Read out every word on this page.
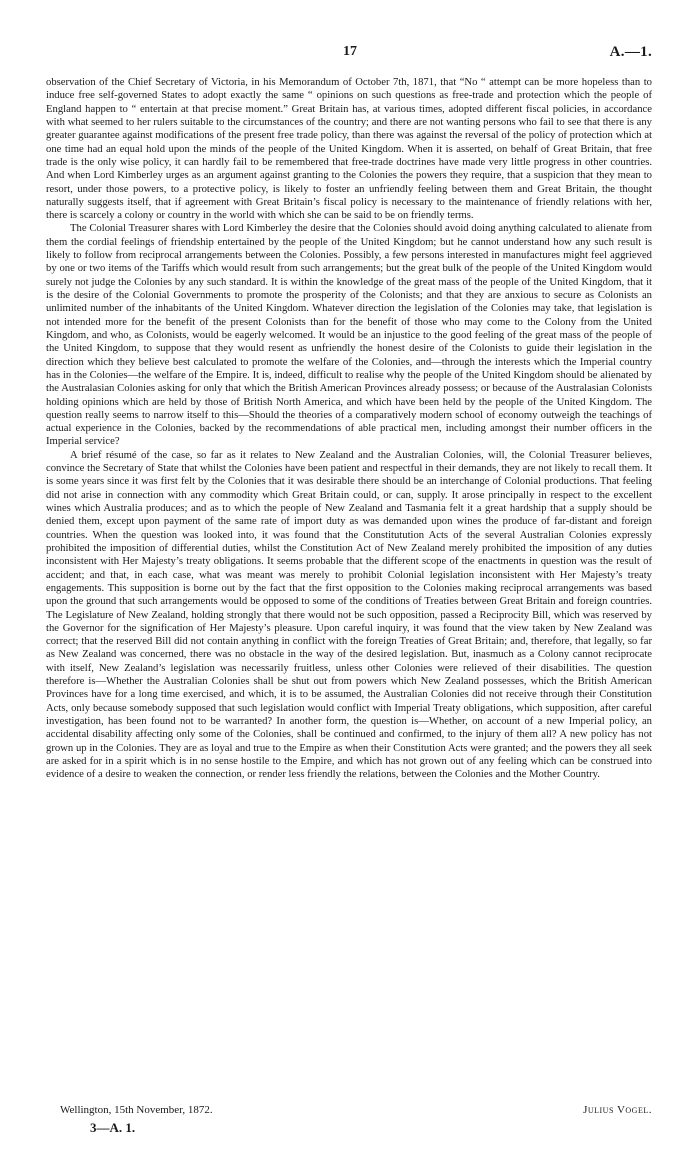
17	A.—1.

observation of the Chief Secretary of Victoria, in his Memorandum of October 7th, 1871, that “No “ attempt can be more hopeless than to induce free self-governed States to adopt exactly the same “ opinions on such questions as free-trade and protection which the people of England happen to “ entertain at that precise moment.” Great Britain has, at various times, adopted different fiscal policies, in accordance with what seemed to her rulers suitable to the circumstances of the country; and there are not wanting persons who fail to see that there is any greater guarantee against modifications of the present free trade policy, than there was against the reversal of the policy of protection which at one time had an equal hold upon the minds of the people of the United Kingdom. When it is asserted, on behalf of Great Britain, that free trade is the only wise policy, it can hardly fail to be remembered that free-trade doctrines have made very little progress in other countries. And when Lord Kimberley urges as an argument against granting to the Colonies the powers they require, that a suspicion that they mean to resort, under those powers, to a protective policy, is likely to foster an unfriendly feeling between them and Great Britain, the thought naturally suggests itself, that if agreement with Great Britain’s fiscal policy is necessary to the maintenance of friendly relations with her, there is scarcely a colony or country in the world with which she can be said to be on friendly terms.

The Colonial Treasurer shares with Lord Kimberley the desire that the Colonies should avoid doing anything calculated to alienate from them the cordial feelings of friendship entertained by the people of the United Kingdom; but he cannot understand how any such result is likely to follow from reciprocal arrangements between the Colonies. Possibly, a few persons interested in manufactures might feel aggrieved by one or two items of the Tariffs which would result from such arrangements; but the great bulk of the people of the United Kingdom would surely not judge the Colonies by any such standard. It is within the knowledge of the great mass of the people of the United Kingdom, that it is the desire of the Colonial Governments to promote the prosperity of the Colonists; and that they are anxious to secure as Colonists an unlimited number of the inhabitants of the United Kingdom. Whatever direction the legislation of the Colonies may take, that legislation is not intended more for the benefit of the present Colonists than for the benefit of those who may come to the Colony from the United Kingdom, and who, as Colonists, would be eagerly welcomed. It would be an injustice to the good feeling of the great mass of the people of the United Kingdom, to suppose that they would resent as unfriendly the honest desire of the Colonists to guide their legislation in the direction which they believe best calculated to promote the welfare of the Colonies, and—through the interests which the Imperial country has in the Colonies—the welfare of the Empire. It is, indeed, difficult to realise why the people of the United Kingdom should be alienated by the Australasian Colonies asking for only that which the British American Provinces already possess; or because of the Australasian Colonists holding opinions which are held by those of British North America, and which have been held by the people of the United Kingdom. The question really seems to narrow itself to this—Should the theories of a comparatively modern school of economy outweigh the teachings of actual experience in the Colonies, backed by the recommendations of able practical men, including amongst their number officers in the Imperial service?

A brief résumé of the case, so far as it relates to New Zealand and the Australian Colonies, will, the Colonial Treasurer believes, convince the Secretary of State that whilst the Colonies have been patient and respectful in their demands, they are not likely to recall them. It is some years since it was first felt by the Colonies that it was desirable there should be an interchange of Colonial productions. That feeling did not arise in connection with any commodity which Great Britain could, or can, supply. It arose principally in respect to the excellent wines which Australia produces; and as to which the people of New Zealand and Tasmania felt it a great hardship that a supply should be denied them, except upon payment of the same rate of import duty as was demanded upon wines the produce of far-distant and foreign countries. When the question was looked into, it was found that the Constitutution Acts of the several Australian Colonies expressly prohibited the imposition of differential duties, whilst the Constitution Act of New Zealand merely prohibited the imposition of any duties inconsistent with Her Majesty’s treaty obligations. It seems probable that the different scope of the enactments in question was the result of accident; and that, in each case, what was meant was merely to prohibit Colonial legislation inconsistent with Her Majesty’s treaty engagements. This supposition is borne out by the fact that the first opposition to the Colonies making reciprocal arrangements was based upon the ground that such arrangements would be opposed to some of the conditions of Treaties between Great Britain and foreign countries. The Legislature of New Zealand, holding strongly that there would not be such opposition, passed a Reciprocity Bill, which was reserved by the Governor for the signification of Her Majesty’s pleasure. Upon careful inquiry, it was found that the view taken by New Zealand was correct; that the reserved Bill did not contain anything in conflict with the foreign Treaties of Great Britain; and, therefore, that legally, so far as New Zealand was concerned, there was no obstacle in the way of the desired legislation. But, inasmuch as a Colony cannot reciprocate with itself, New Zealand’s legislation was necessarily fruitless, unless other Colonies were relieved of their disabilities. The question therefore is—Whether the Australian Colonies shall be shut out from powers which New Zealand possesses, which the British American Provinces have for a long time exercised, and which, it is to be assumed, the Australian Colonies did not receive through their Constitution Acts, only because somebody supposed that such legislation would conflict with Imperial Treaty obligations, which supposition, after careful investigation, has been found not to be warranted? In another form, the question is—Whether, on account of a new Imperial policy, an accidental disability affecting only some of the Colonies, shall be continued and confirmed, to the injury of them all? A new policy has not grown up in the Colonies. They are as loyal and true to the Empire as when their Constitution Acts were granted; and the powers they all seek are asked for in a spirit which is in no sense hostile to the Empire, and which has not grown out of any feeling which can be construed into evidence of a desire to weaken the connection, or render less friendly the relations, between the Colonies and the Mother Country.

Wellington, 15th November, 1872.	Julius Vogel.
3—A. 1.
